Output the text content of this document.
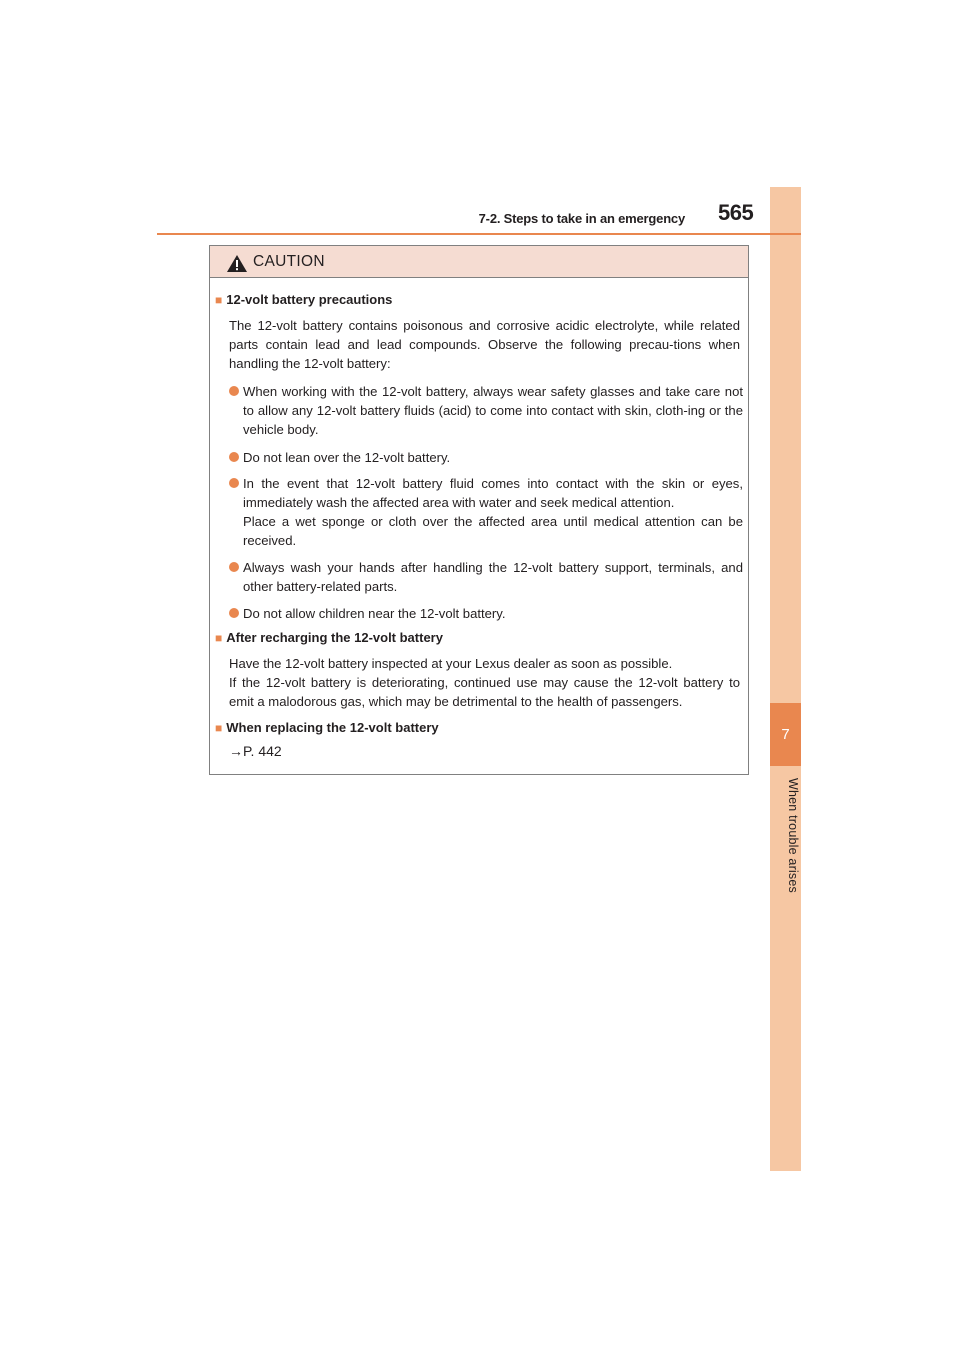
7
When trouble arises
7-2. Steps to take in an emergency 565
CAUTION
■ 12-volt battery precautions

The 12-volt battery contains poisonous and corrosive acidic electrolyte, while related parts contain lead and lead compounds. Observe the following precau-tions when handling the 12-volt battery:

When working with the 12-volt battery, always wear safety glasses and take care not to allow any 12-volt battery fluids (acid) to come into contact with skin, cloth-ing or the vehicle body.
Do not lean over the 12-volt battery.
In the event that 12-volt battery fluid comes into contact with the skin or eyes, immediately wash the affected area with water and seek medical attention.
Place a wet sponge or cloth over the affected area until medical attention can be received.
Always wash your hands after handling the 12-volt battery support, terminals, and other battery-related parts.
Do not allow children near the 12-volt battery.
■ After recharging the 12-volt battery

Have the 12-volt battery inspected at your Lexus dealer as soon as possible.

If the 12-volt battery is deteriorating, continued use may cause the 12-volt battery to emit a malodorous gas, which may be detrimental to the health of passengers.

■ When replacing the 12-volt battery
→P. 442
